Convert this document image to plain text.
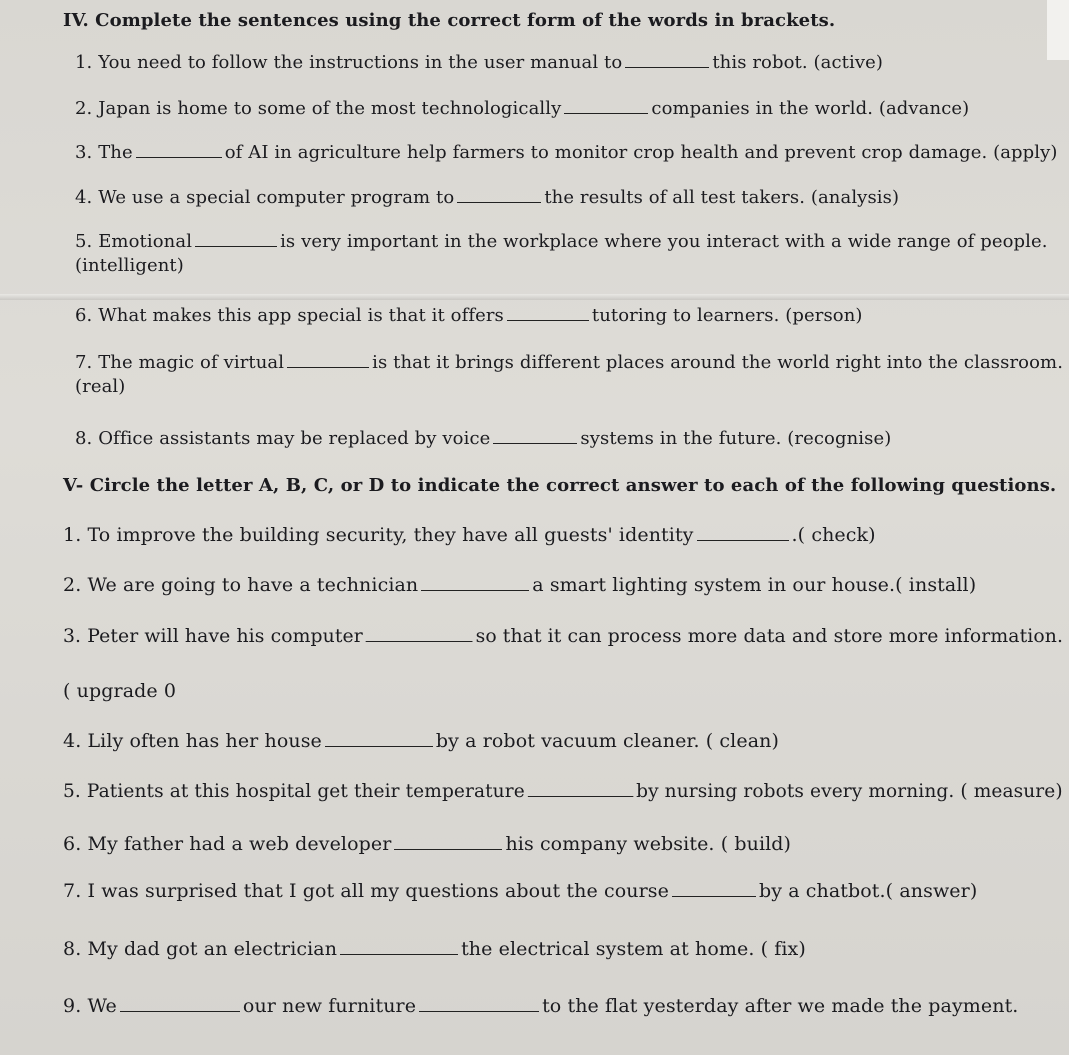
IV. Complete the sentences using the correct form of the words in brackets.
1. You need to follow the instructions in the user manual to	this robot. (active)
2. Japan is home to some of the most technologically	companies in the world. (advance)
3. The	of AI in agriculture help farmers to monitor crop health and prevent crop damage. (apply)
4. We use a special computer program to	the results of all test takers. (analysis)
5. Emotional	is very important in the workplace where you interact with a wide range of people.
(intelligent)
6. What makes this app special is that it offers	tutoring to learners. (person)
7. The magic of virtual	is that it brings different places around the world right into the classroom.
(real)
8. Office assistants may be replaced by voice	systems in the future. (recognise)
V- Circle the letter A, B, C, or D to indicate the correct answer to each of the following questions.
1. To improve the building security, they have all guests' identity	.( check)
2. We are going to have a technician	a smart lighting system in our house.( install)
3. Peter will have his computer	so that it can process more data and store more information.
( upgrade 0
4. Lily often has her house	by a robot vacuum cleaner. ( clean)
5. Patients at this hospital get their temperature	by nursing robots every morning. ( measure)
6. My father had a web developer	his company website. ( build)
7. I was surprised that I got all my questions about the course	by a chatbot.( answer)
8. My dad got an electrician	the electrical system at home. ( fix)
9. We	our new furniture	to the flat yesterday after we made the payment.
